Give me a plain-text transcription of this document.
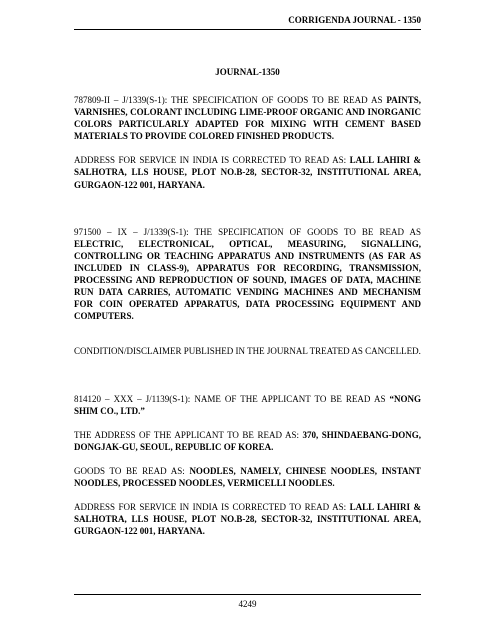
CORRIGENDA JOURNAL - 1350
JOURNAL-1350

787809-II – J/1339(S-1): THE SPECIFICATION OF GOODS TO BE READ AS PAINTS, VARNISHES, COLORANT INCLUDING LIME-PROOF ORGANIC AND INORGANIC COLORS PARTICULARLY ADAPTED FOR MIXING WITH CEMENT BASED MATERIALS TO PROVIDE COLORED FINISHED PRODUCTS.

ADDRESS FOR SERVICE IN INDIA IS CORRECTED TO READ AS: LALL LAHIRI & SALHOTRA, LLS HOUSE, PLOT NO.B-28, SECTOR-32, INSTITUTIONAL AREA, GURGAON-122 001, HARYANA.

971500 – IX – J/1339(S-1): THE SPECIFICATION OF GOODS TO BE READ AS ELECTRIC, ELECTRONICAL, OPTICAL, MEASURING, SIGNALLING, CONTROLLING OR TEACHING APPARATUS AND INSTRUMENTS (AS FAR AS INCLUDED IN CLASS-9), APPARATUS FOR RECORDING, TRANSMISSION, PROCESSING AND REPRODUCTION OF SOUND, IMAGES OF DATA, MACHINE RUN DATA CARRIES, AUTOMATIC VENDING MACHINES AND MECHANISM FOR COIN OPERATED APPARATUS, DATA PROCESSING EQUIPMENT AND COMPUTERS.

CONDITION/DISCLAIMER PUBLISHED IN THE JOURNAL TREATED AS CANCELLED.

814120 – XXX – J/1139(S-1): NAME OF THE APPLICANT TO BE READ AS “NONG SHIM CO., LTD.”

THE ADDRESS OF THE APPLICANT TO BE READ AS: 370, SHINDAEBANG-DONG, DONGJAK-GU, SEOUL, REPUBLIC OF KOREA.

GOODS TO BE READ AS: NOODLES, NAMELY, CHINESE NOODLES, INSTANT NOODLES, PROCESSED NOODLES, VERMICELLI NOODLES.

ADDRESS FOR SERVICE IN INDIA IS CORRECTED TO READ AS: LALL LAHIRI & SALHOTRA, LLS HOUSE, PLOT NO.B-28, SECTOR-32, INSTITUTIONAL AREA, GURGAON-122 001, HARYANA.

4249
